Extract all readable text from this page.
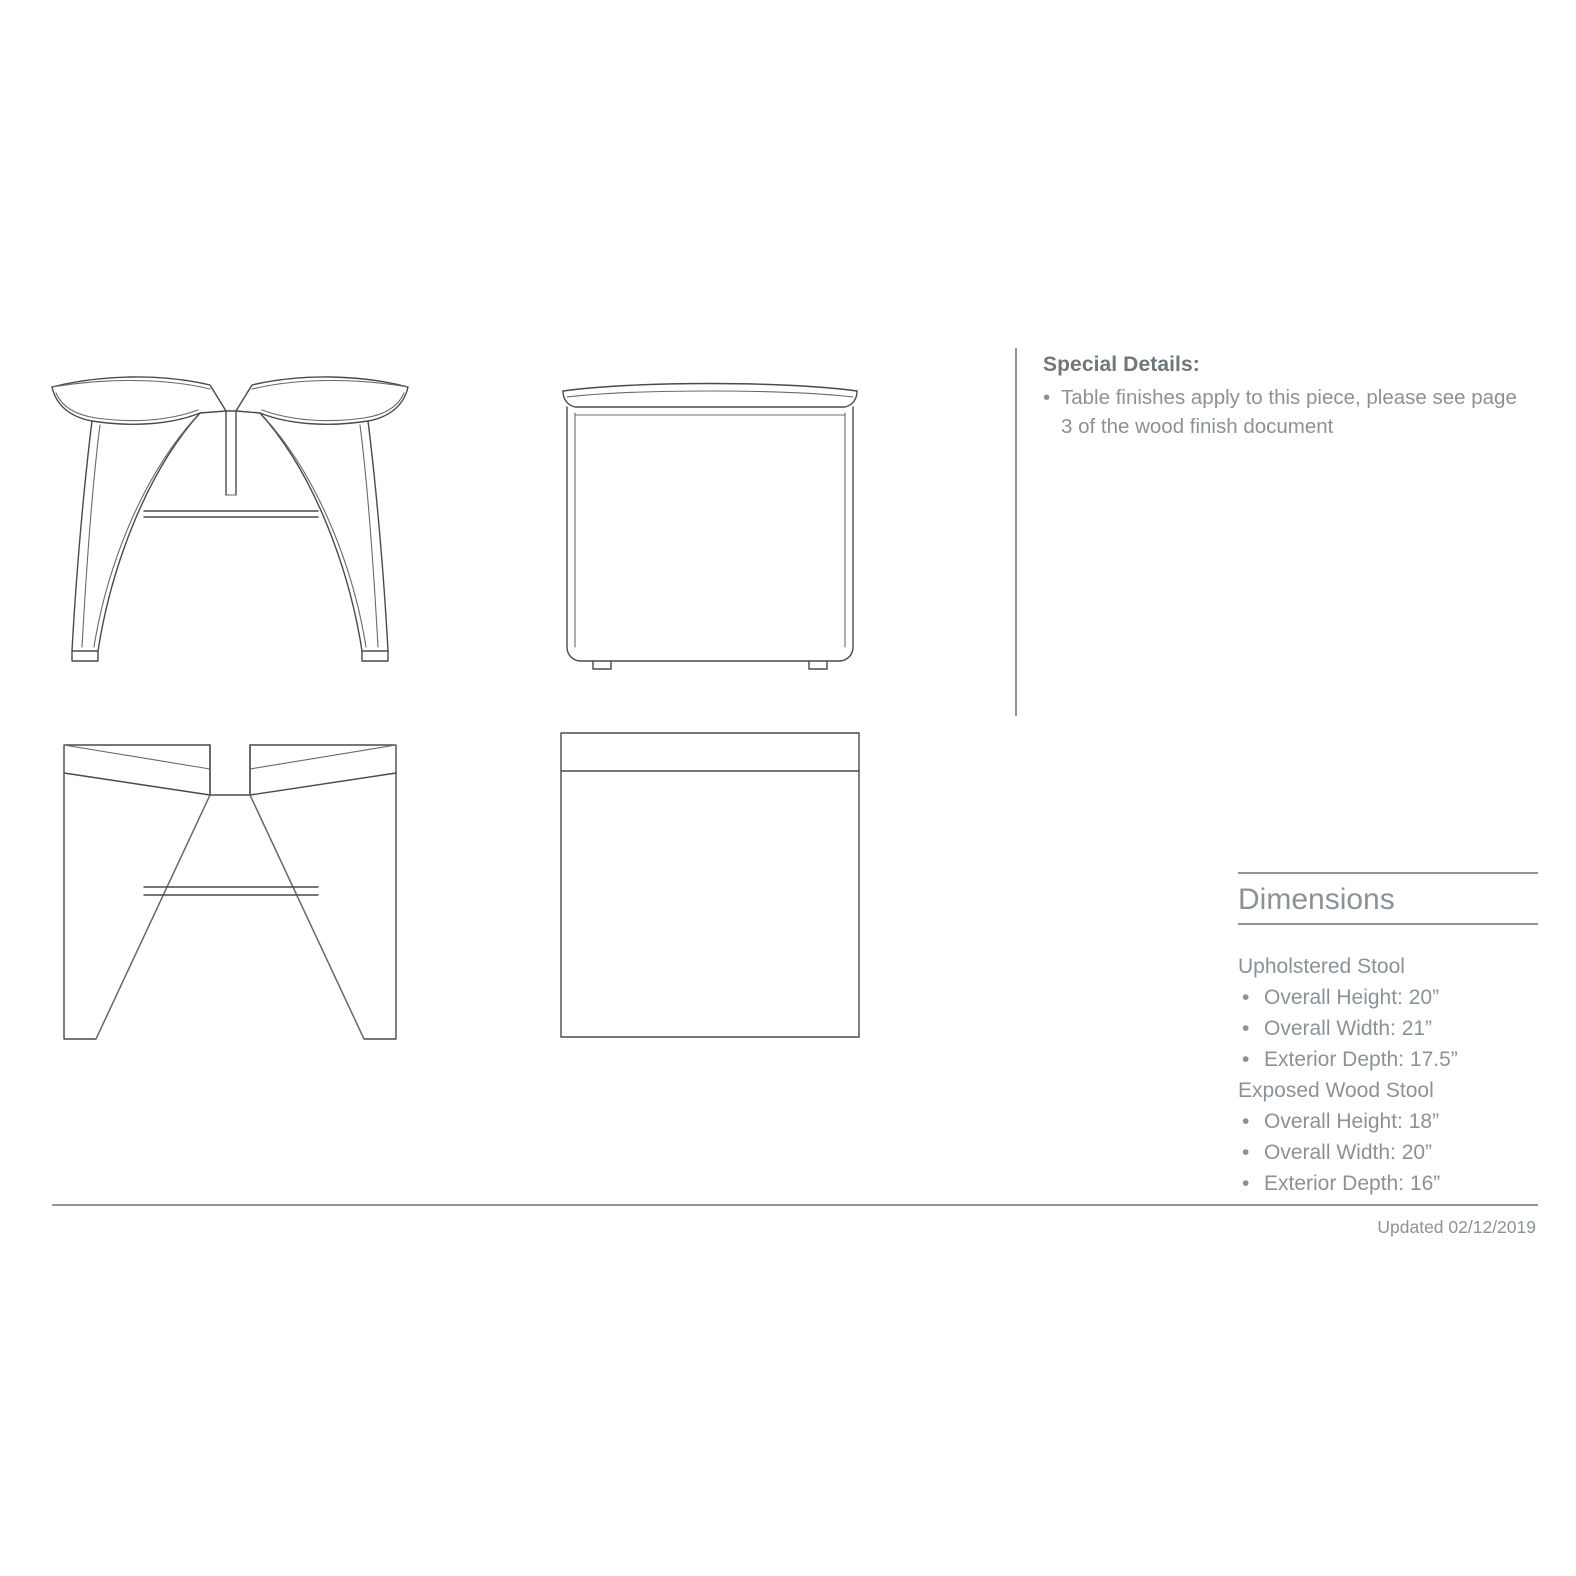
Special Details:
• Table finishes apply to this piece, please see page 3 of the wood finish document
Dimensions

Upholstered Stool

• Overall Height: 20”
• Overall Width: 21”
• Exterior Depth: 17.5”

Exposed Wood Stool

• Overall Height: 18”
• Overall Width: 20”
• Exterior Depth: 16”
Updated 02/12/2019
